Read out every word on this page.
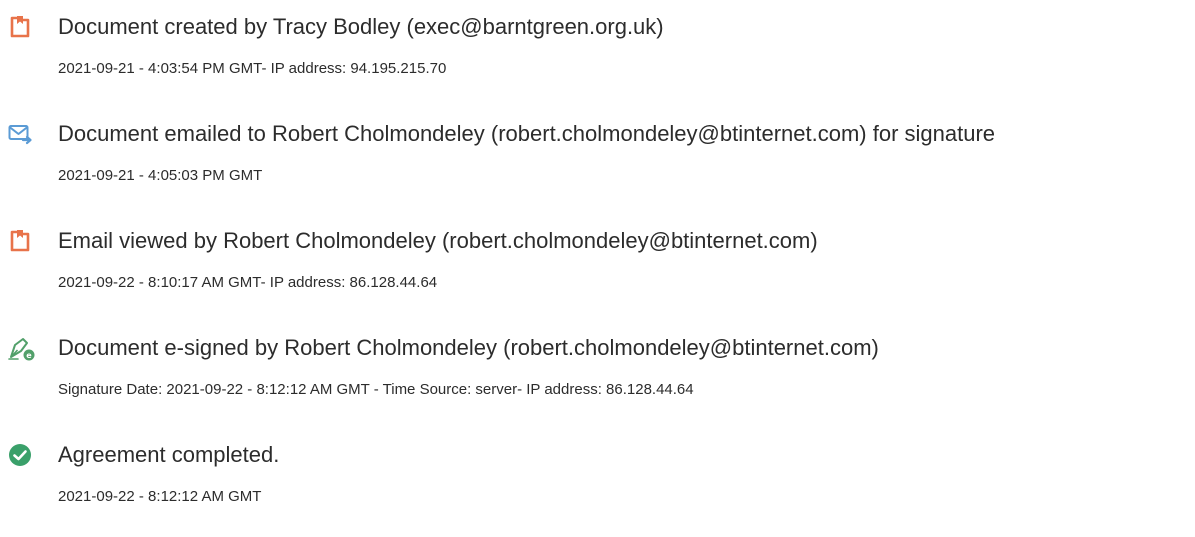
Document created by Tracy Bodley (exec@barntgreen.org.uk)
2021-09-21 - 4:03:54 PM GMT- IP address: 94.195.215.70
Document emailed to Robert Cholmondeley (robert.cholmondeley@btinternet.com) for signature
2021-09-21 - 4:05:03 PM GMT
Email viewed by Robert Cholmondeley (robert.cholmondeley@btinternet.com)
2021-09-22 - 8:10:17 AM GMT- IP address: 86.128.44.64
e Document e-signed by Robert Cholmondeley (robert.cholmondeley@btinternet.com)
Signature Date: 2021-09-22 - 8:12:12 AM GMT - Time Source: server- IP address: 86.128.44.64
Agreement completed.
2021-09-22 - 8:12:12 AM GMT
